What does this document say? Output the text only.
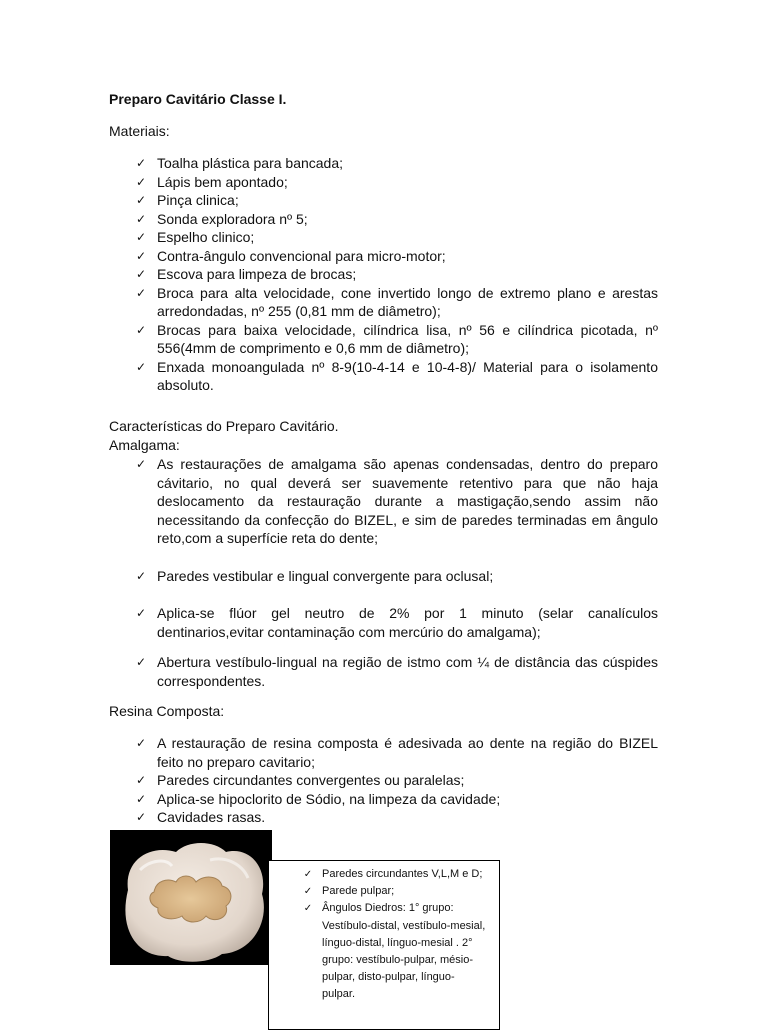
Preparo Cavitário Classe I.
Materiais:
✓ Toalha plástica para bancada;
✓ Lápis bem apontado;
✓ Pinça clinica;
✓ Sonda exploradora nº 5;
✓ Espelho clinico;
✓ Contra-ângulo convencional para micro-motor;
✓ Escova para limpeza de brocas;
✓ Broca para alta velocidade, cone invertido longo de extremo plano e arestas arredondadas, nº 255 (0,81 mm de diâmetro);
✓ Brocas para baixa velocidade, cilíndrica lisa, nº 56 e cilíndrica picotada, nº 556(4mm de comprimento e 0,6 mm de diâmetro);
✓ Enxada monoangulada nº 8-9(10-4-14 e 10-4-8)/ Material para o isolamento absoluto.
Características do Preparo Cavitário.
Amalgama:
✓ As restaurações de amalgama são apenas condensadas, dentro do preparo cávitario, no qual deverá ser suavemente retentivo para que não haja deslocamento da restauração durante a mastigação,sendo assim não necessitando da confecção do BIZEL, e sim de paredes terminadas em ângulo reto,com a superfície reta do dente;
✓ Paredes vestibular e lingual convergente para oclusal;
✓ Aplica-se flúor gel neutro de 2% por 1 minuto (selar canalículos dentinarios,evitar contaminação com mercúrio do amalgama);
✓ Abertura vestíbulo-lingual na região de istmo com ¼ de distância das cúspides correspondentes.
Resina Composta:
✓ A restauração de resina composta é adesivada ao dente na região do BIZEL feito no preparo cavitario;
✓ Paredes circundantes convergentes ou paralelas;
✓ Aplica-se hipoclorito de Sódio, na limpeza da cavidade;
✓ Cavidades rasas.
✓ Paredes circundantes V,L,M e D;
✓ Parede pulpar;
✓ Ângulos Diedros: 1° grupo: Vestíbulo-distal, vestíbulo-mesial, línguo-distal, línguo-mesial . 2° grupo: vestíbulo-pulpar, mésio-pulpar, disto-pulpar, línguo-pulpar.
